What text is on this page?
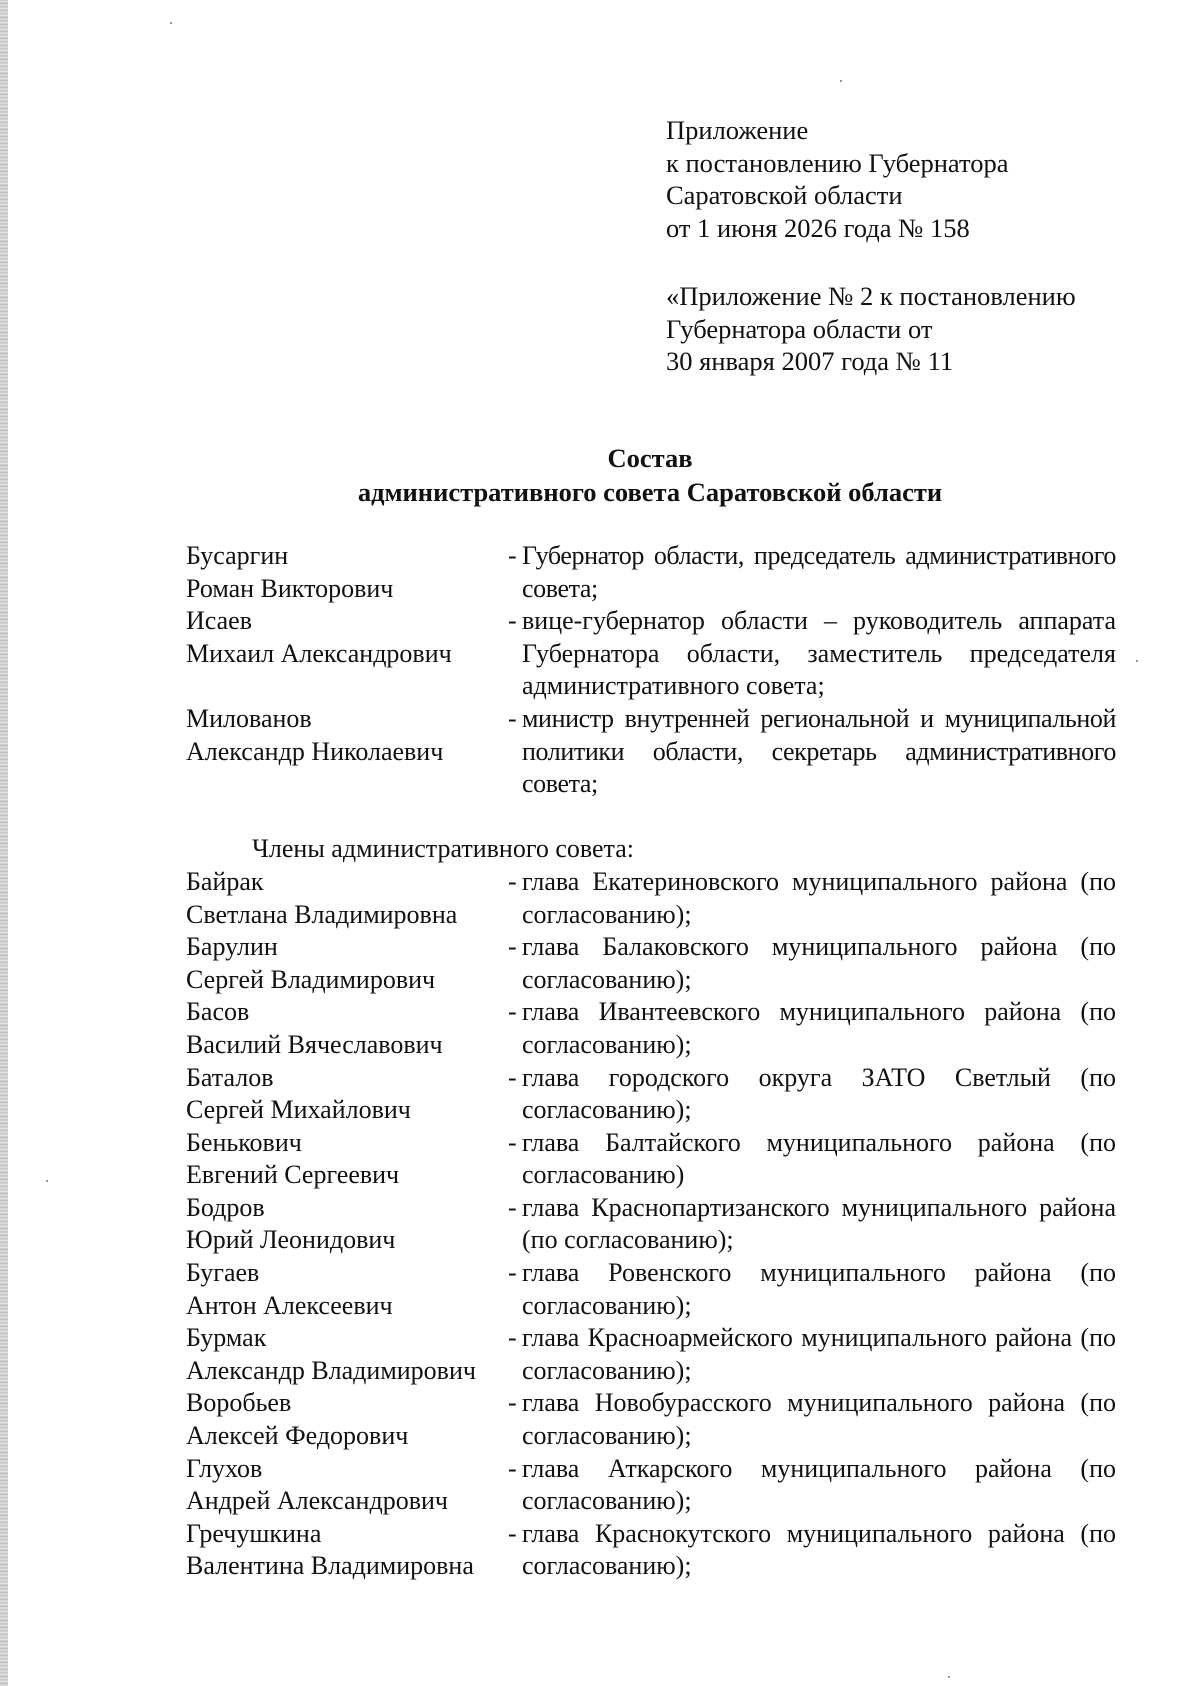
Приложение
к постановлению Губернатора
Саратовской области
от 1 июня 2026 года № 158
«Приложение № 2 к постановлению
Губернатора области от
30 января 2007 года № 11
Состав
административного совета Саратовской области
Бусаргин
Роман Викторович
- Губернатор области, председатель административного совета;
Исаев
Михаил Александрович
- вице-губернатор области – руководитель аппарата Губернатора области, заместитель председателя административного совета;
Милованов
Александр Николаевич
- министр внутренней региональной и муниципальной политики области, секретарь административного совета;
Члены административного совета:
Байрак
Светлана Владимировна
- глава Екатериновского муниципального района (по согласованию);
Барулин
Сергей Владимирович
- глава Балаковского муниципального района (по согласованию);
Басов
Василий Вячеславович
- глава Ивантеевского муниципального района (по согласованию);
Баталов
Сергей Михайлович
- глава городского округа ЗАТО Светлый (по согласованию);
Бенькович
Евгений Сергеевич
- глава Балтайского муниципального района (по согласованию)
Бодров
Юрий Леонидович
- глава Краснопартизанского муниципального района (по согласованию);
Бугаев
Антон Алексеевич
- глава Ровенского муниципального района (по согласованию);
Бурмак
Александр Владимирович
- глава Красноармейского муниципального района (по согласованию);
Воробьев
Алексей Федорович
- глава Новобурасского муниципального района (по согласованию);
Глухов
Андрей Александрович
- глава Аткарского муниципального района (по согласованию);
Гречушкина
Валентина Владимировна
- глава Краснокутского муниципального района (по согласованию);
